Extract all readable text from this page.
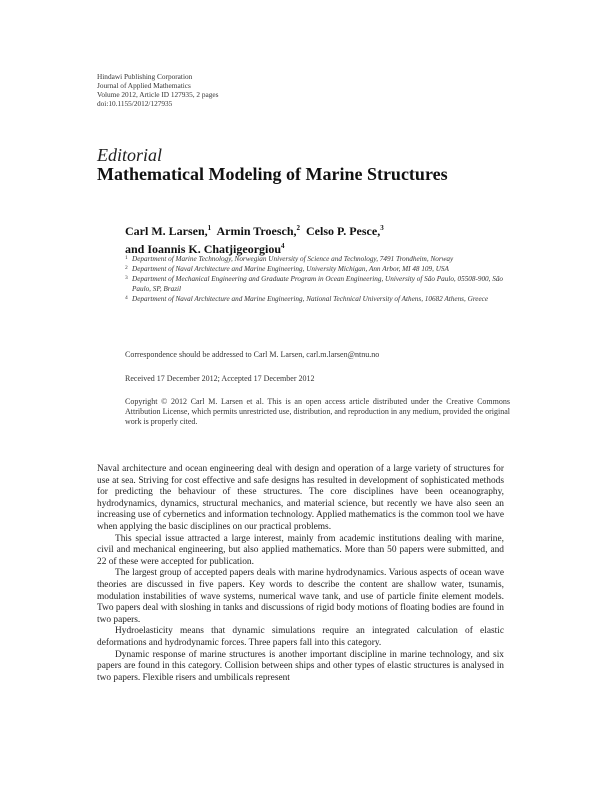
Hindawi Publishing Corporation
Journal of Applied Mathematics
Volume 2012, Article ID 127935, 2 pages
doi:10.1155/2012/127935
Editorial
Mathematical Modeling of Marine Structures
Carl M. Larsen,$^1$ Armin Troesch,$^2$ Celso P. Pesce,$^3$
and Ioannis K. Chatjigeorgiou$^4$
1 Department of Marine Technology, Norwegian University of Science and Technology, 7491 Trondheim, Norway
2 Department of Naval Architecture and Marine Engineering, University Michigan, Ann Arbor, MI 48 109, USA
3 Department of Mechanical Engineering and Graduate Program in Ocean Engineering, University of São Paulo, 05508-900, São Paulo, SP, Brazil
4 Department of Naval Architecture and Marine Engineering, National Technical University of Athens, 10682 Athens, Greece
Correspondence should be addressed to Carl M. Larsen, carl.m.larsen@ntnu.no
Received 17 December 2012; Accepted 17 December 2012
Copyright © 2012 Carl M. Larsen et al. This is an open access article distributed under the Creative Commons Attribution License, which permits unrestricted use, distribution, and reproduction in any medium, provided the original work is properly cited.

Naval architecture and ocean engineering deal with design and operation of a large variety of structures for use at sea. Striving for cost effective and safe designs has resulted in development of sophisticated methods for predicting the behaviour of these structures. The core disciplines have been oceanography, hydrodynamics, dynamics, structural mechanics, and material science, but recently we have also seen an increasing use of cybernetics and information technology. Applied mathematics is the common tool we have when applying the basic disciplines on our practical problems.

This special issue attracted a large interest, mainly from academic institutions dealing with marine, civil and mechanical engineering, but also applied mathematics. More than 50 papers were submitted, and 22 of these were accepted for publication.

The largest group of accepted papers deals with marine hydrodynamics. Various aspects of ocean wave theories are discussed in five papers. Key words to describe the content are shallow water, tsunamis, modulation instabilities of wave systems, numerical wave tank, and use of particle finite element models. Two papers deal with sloshing in tanks and discussions of rigid body motions of floating bodies are found in two papers.

Hydroelasticity means that dynamic simulations require an integrated calculation of elastic deformations and hydrodynamic forces. Three papers fall into this category.

Dynamic response of marine structures is another important discipline in marine technology, and six papers are found in this category. Collision between ships and other types of elastic structures is analysed in two papers. Flexible risers and umbilicals represent
